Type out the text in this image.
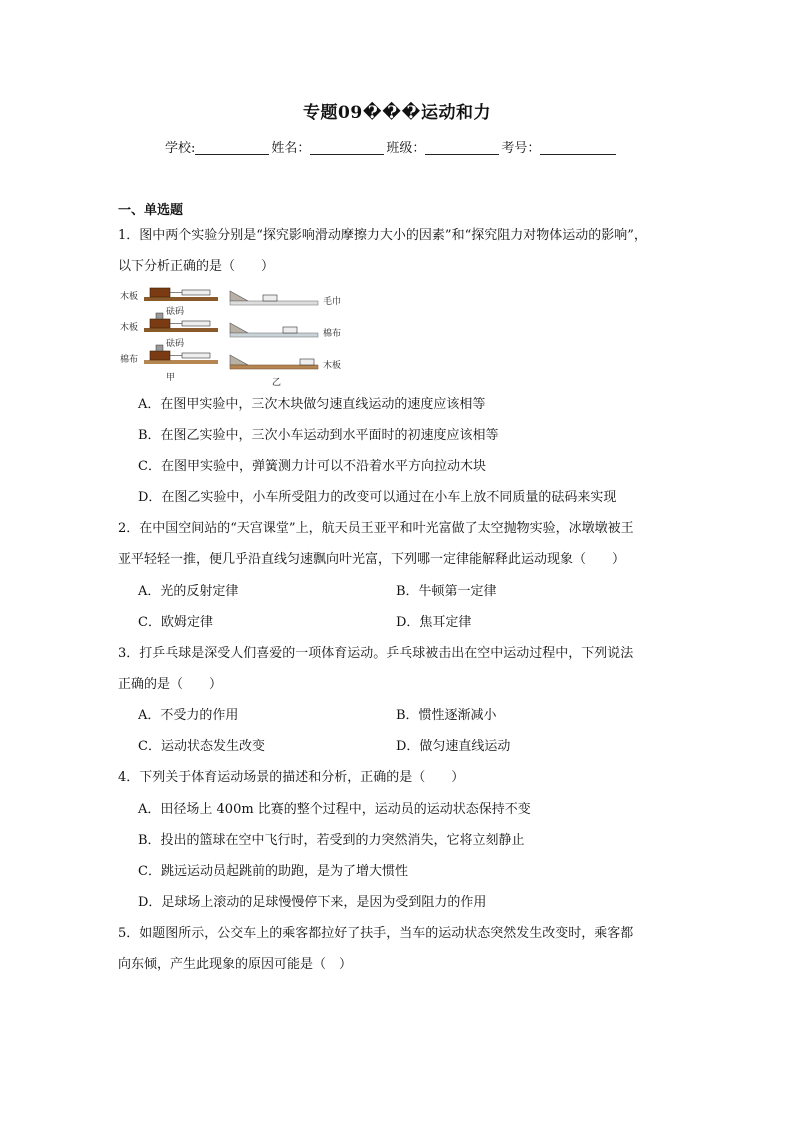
专题09���运动和力
学校:	姓名：	班级：	考号：
一、单选题
1．图中两个实验分别是“探究影响滑动摩擦力大小的因素”和“探究阻力对物体运动的影响”，
以下分析正确的是（　　）
木板
木板
棉布
砝码
砝码
甲
毛巾
棉布
木板
乙
A．在图甲实验中，三次木块做匀速直线运动的速度应该相等
B．在图乙实验中，三次小车运动到水平面时的初速度应该相等
C．在图甲实验中，弹簧测力计可以不沿着水平方向拉动木块
D．在图乙实验中，小车所受阻力的改变可以通过在小车上放不同质量的砝码来实现
2．在中国空间站的“天宫课堂”上，航天员王亚平和叶光富做了太空抛物实验，冰墩墩被王
亚平轻轻一推，便几乎沿直线匀速飘向叶光富，下列哪一定律能解释此运动现象（　　）
A．光的反射定律	B．牛顿第一定律
C．欧姆定律	D．焦耳定律
3．打乒乓球是深受人们喜爱的一项体育运动。乒乓球被击出在空中运动过程中，下列说法
正确的是（　　）
A．不受力的作用	B．惯性逐渐减小
C．运动状态发生改变	D．做匀速直线运动
4．下列关于体育运动场景的描述和分析，正确的是（　　）
A．田径场上 400m 比赛的整个过程中，运动员的运动状态保持不变
B．投出的篮球在空中飞行时，若受到的力突然消失，它将立刻静止
C．跳远运动员起跳前的助跑，是为了增大惯性
D．足球场上滚动的足球慢慢停下来，是因为受到阻力的作用
5．如题图所示，公交车上的乘客都拉好了扶手，当车的运动状态突然发生改变时，乘客都
向东倾，产生此现象的原因可能是（　）
